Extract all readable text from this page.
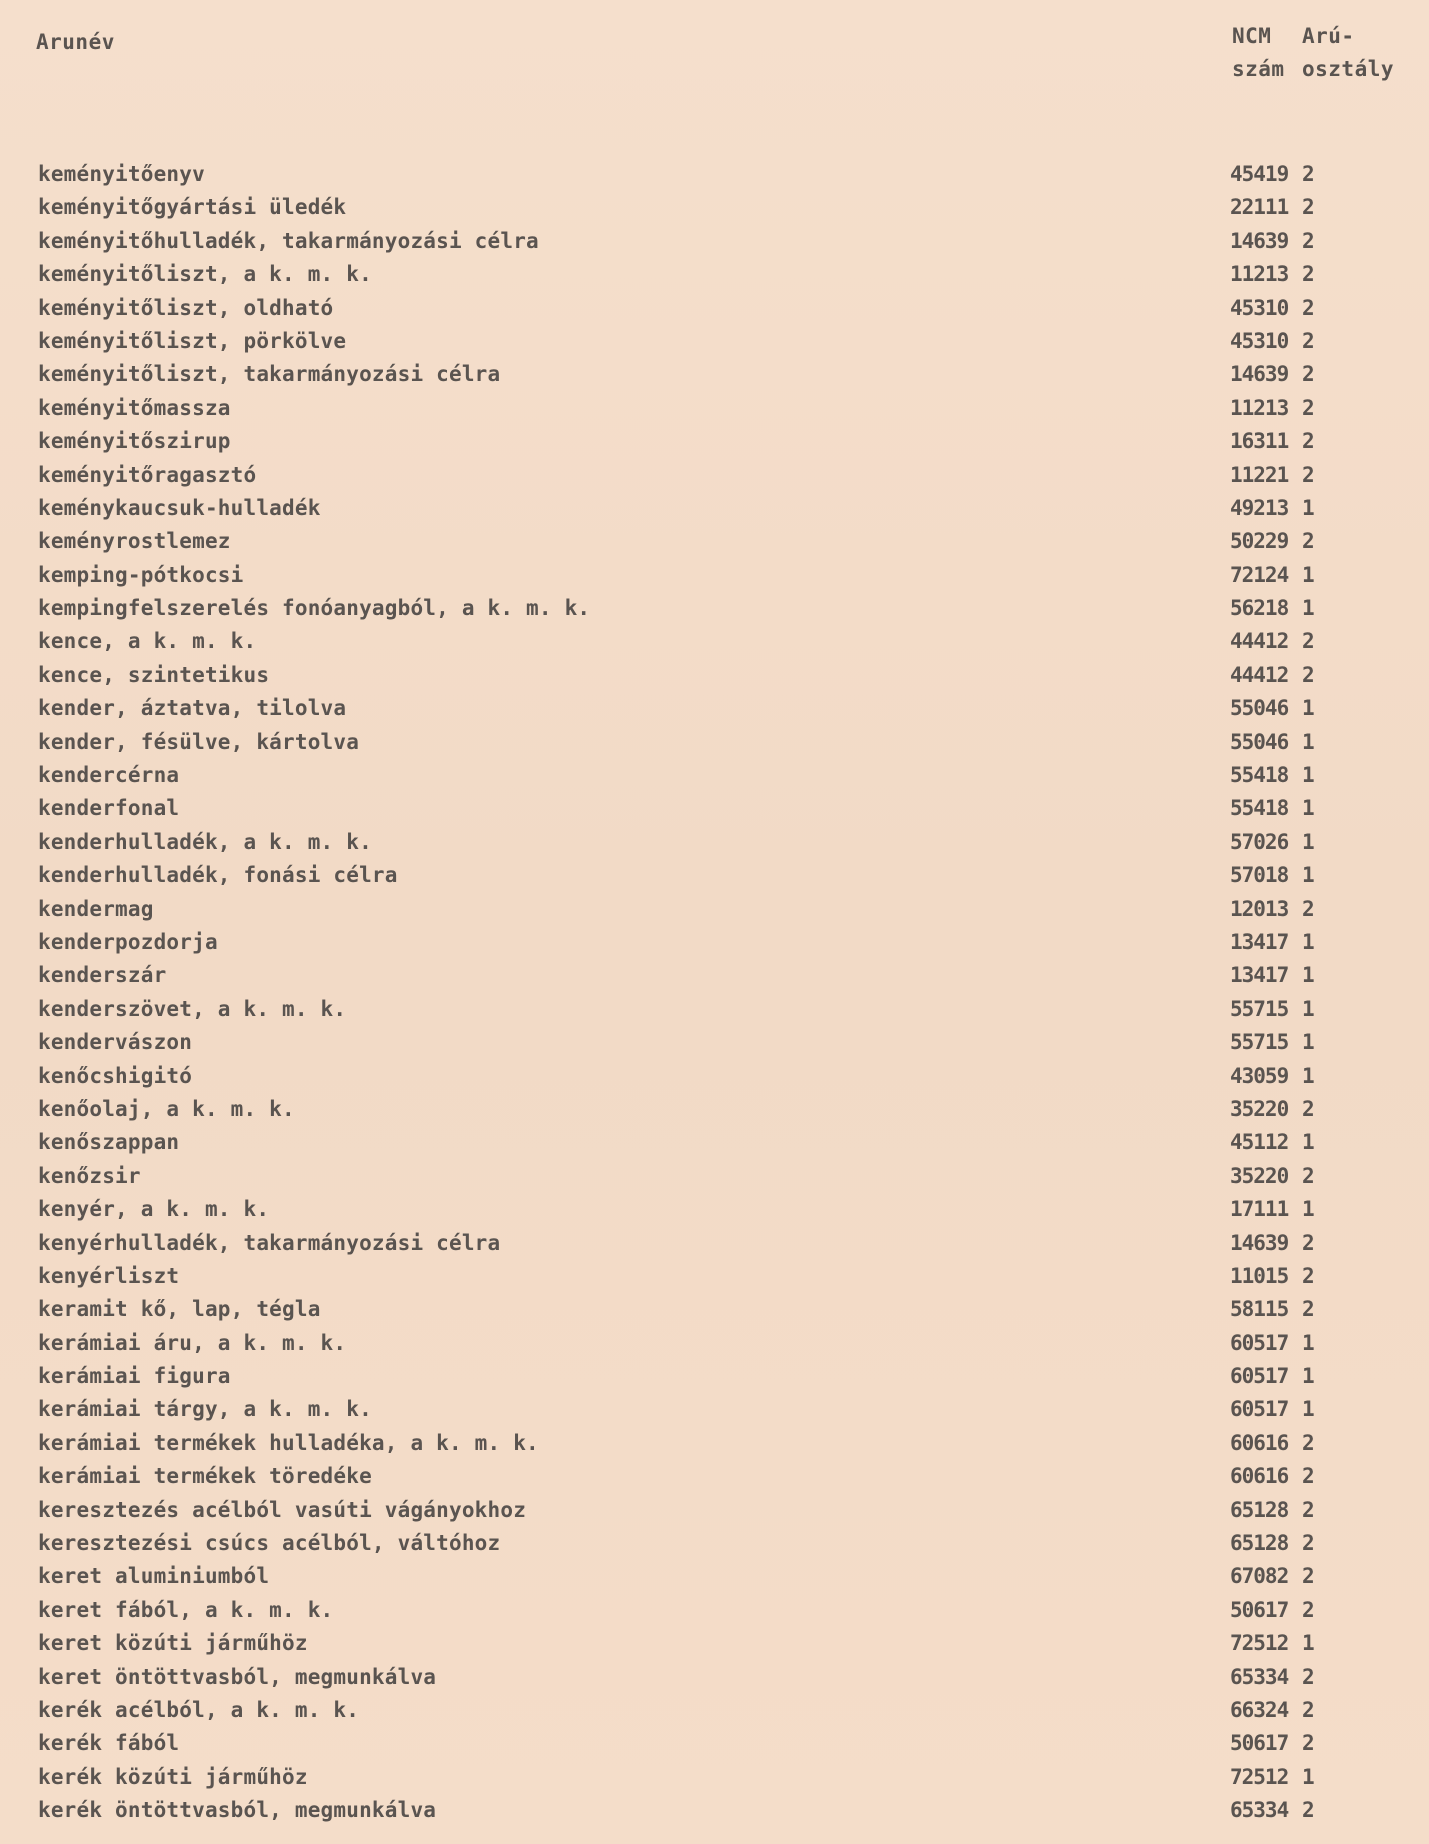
Arunév	NCM
szám
Arú-
osztály
keményitőenyv	45419 2
keményitőgyártási üledék	22111 2
keményitőhulladék, takarmányozási célra	14639 2
keményitőliszt, a k. m. k.	11213 2
keményitőliszt, oldható	45310 2
keményitőliszt, pörkölve	45310 2
keményitőliszt, takarmányozási célra	14639 2
keményitőmassza	11213 2
keményitőszirup	16311 2
keményitőragasztó	11221 2
keménykaucsuk-hulladék	49213 1
keményrostlemez	50229 2
kemping-pótkocsi	72124 1
kempingfelszerelés fonóanyagból, a k. m. k.	56218 1
kence, a k. m. k.	44412 2
kence, szintetikus	44412 2
kender, áztatva, tilolva	55046 1
kender, fésülve, kártolva	55046 1
kendercérna	55418 1
kenderfonal	55418 1
kenderhulladék, a k. m. k.	57026 1
kenderhulladék, fonási célra	57018 1
kendermag	12013 2
kenderpozdorja	13417 1
kenderszár	13417 1
kenderszövet, a k. m. k.	55715 1
kendervászon	55715 1
kenőcshigitó	43059 1
kenőolaj, a k. m. k.	35220 2
kenőszappan	45112 1
kenőzsir	35220 2
kenyér, a k. m. k.	17111 1
kenyérhulladék, takarmányozási célra	14639 2
kenyérliszt	11015 2
keramit kő, lap, tégla	58115 2
kerámiai áru, a k. m. k.	60517 1
kerámiai figura	60517 1
kerámiai tárgy, a k. m. k.	60517 1
kerámiai termékek hulladéka, a k. m. k.	60616 2
kerámiai termékek töredéke	60616 2
keresztezés acélból vasúti vágányokhoz	65128 2
keresztezési csúcs acélból, váltóhoz	65128 2
keret aluminiumból	67082 2
keret fából, a k. m. k.	50617 2
keret közúti járműhöz	72512 1
keret öntöttvasból, megmunkálva	65334 2
kerék acélból, a k. m. k.	66324 2
kerék fából	50617 2
kerék közúti járműhöz	72512 1
kerék öntöttvasból, megmunkálva	65334 2
